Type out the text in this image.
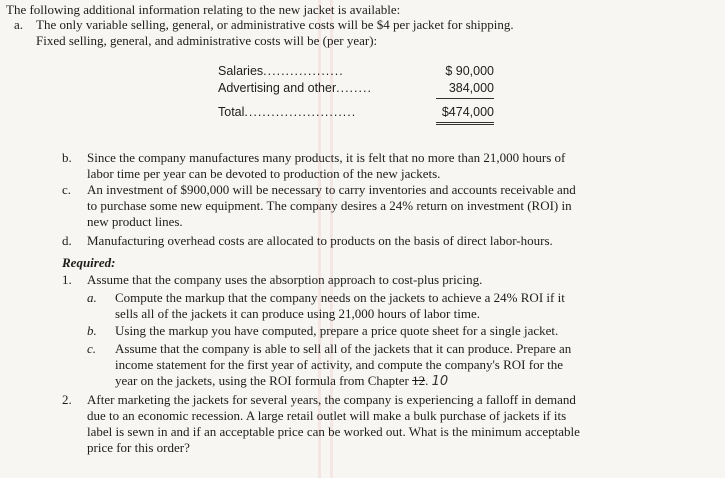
The following additional information relating to the new jacket is available:
a. The only variable selling, general, or administrative costs will be $4 per jacket for shipping.
Fixed selling, general, and administrative costs will be (per year):
Salaries..................	$ 90,000
Advertising and other........	384,000
Total.........................	$474,000
b. Since the company manufactures many products, it is felt that no more than 21,000 hours of
labor time per year can be devoted to production of the new jackets.
c. An investment of $900,000 will be necessary to carry inventories and accounts receivable and
to purchase some new equipment. The company desires a 24% return on investment (ROI) in
new product lines.
d. Manufacturing overhead costs are allocated to products on the basis of direct labor-hours.
Required:
1. Assume that the company uses the absorption approach to cost-plus pricing.
a. Compute the markup that the company needs on the jackets to achieve a 24% ROI if it
sells all of the jackets it can produce using 21,000 hours of labor time.
b. Using the markup you have computed, prepare a price quote sheet for a single jacket.
c. Assume that the company is able to sell all of the jackets that it can produce. Prepare an
income statement for the first year of activity, and compute the company's ROI for the
year on the jackets, using the ROI formula from Chapter 12. 10
2. After marketing the jackets for several years, the company is experiencing a falloff in demand
due to an economic recession. A large retail outlet will make a bulk purchase of jackets if its
label is sewn in and if an acceptable price can be worked out. What is the minimum acceptable
price for this order?
